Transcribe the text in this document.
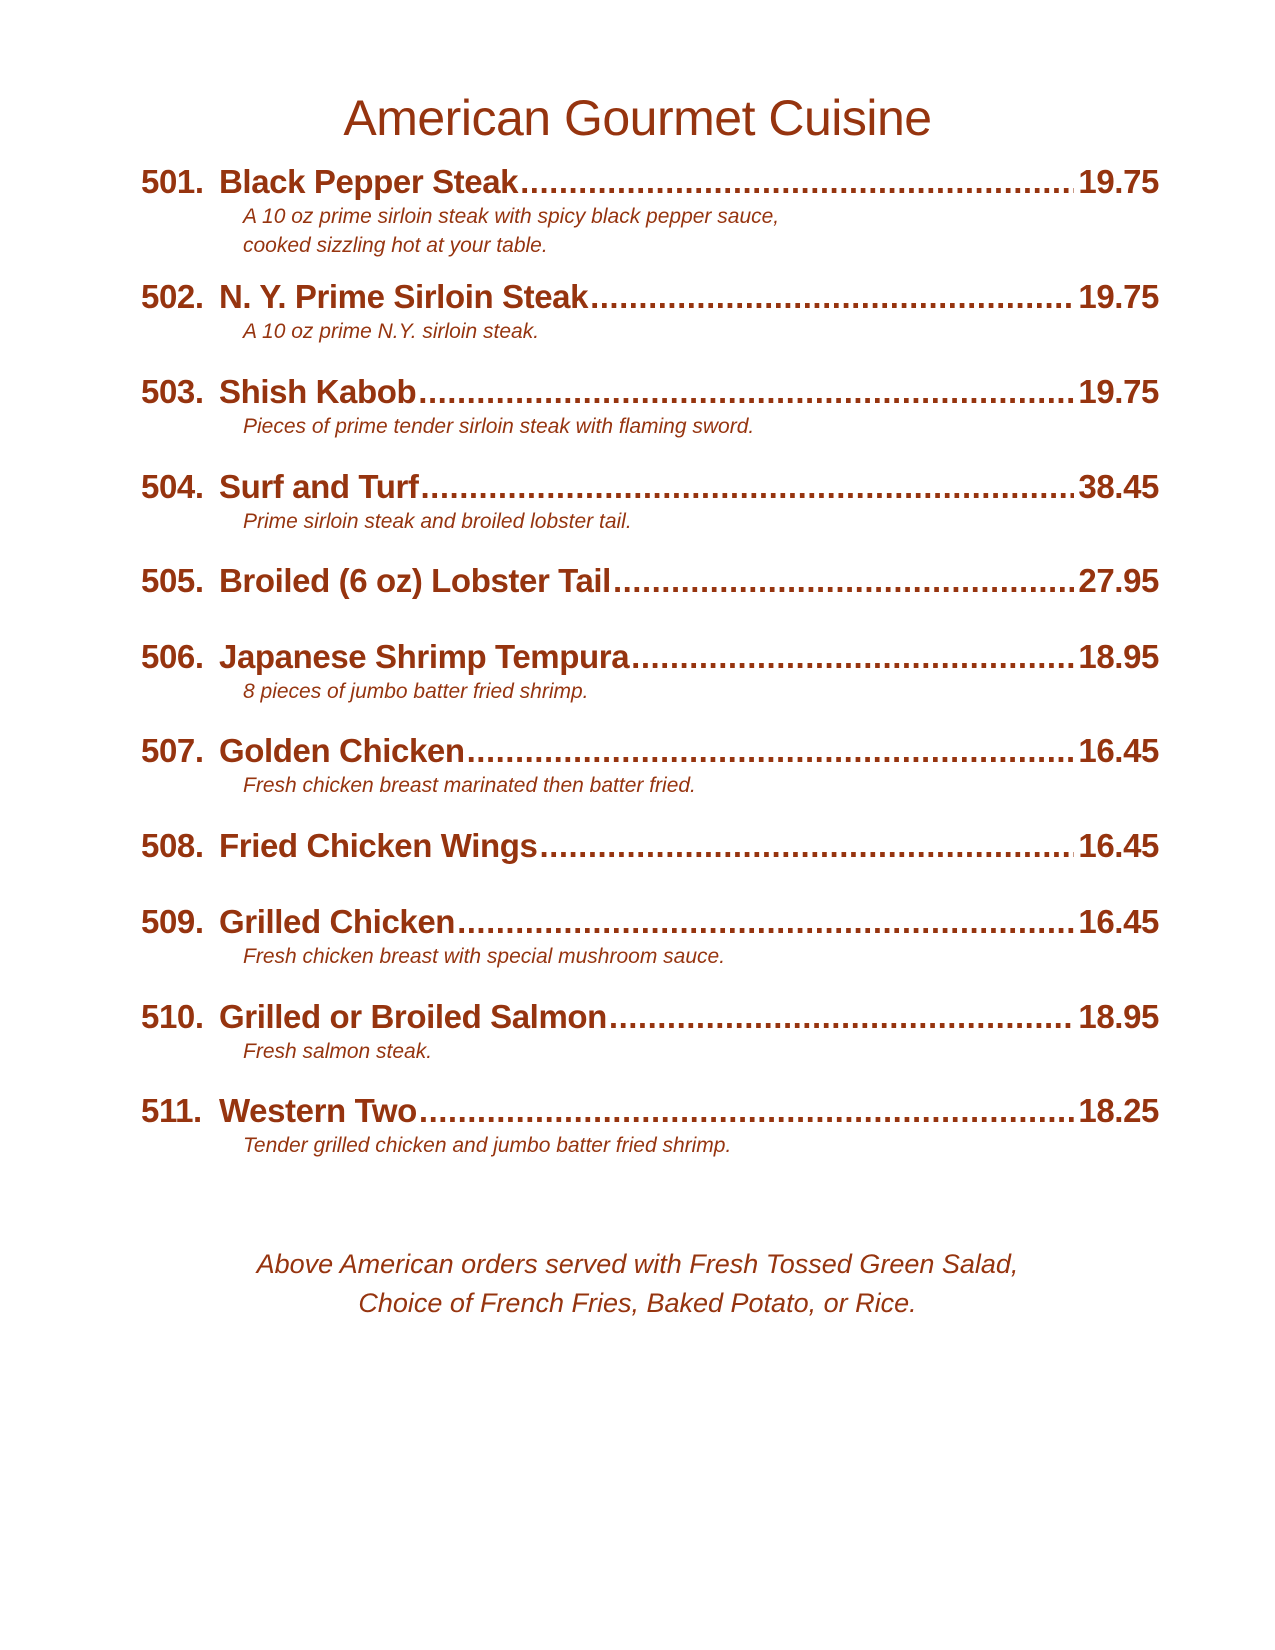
American Gourmet Cuisine
501. Black Pepper Steak .....	19.75
A 10 oz prime sirloin steak with spicy black pepper sauce,
cooked sizzling hot at your table.
502. N. Y. Prime Sirloin Steak .....	19.75
A 10 oz prime N.Y. sirloin steak.
503. Shish Kabob .....	19.75
Pieces of prime tender sirloin steak with flaming sword.
504. Surf and Turf .....	38.45
Prime sirloin steak and broiled lobster tail.
505. Broiled (6 oz) Lobster Tail .....	27.95
506. Japanese Shrimp Tempura .....	18.95
8 pieces of jumbo batter fried shrimp.
507. Golden Chicken .....	16.45
Fresh chicken breast marinated then batter fried.
508. Fried Chicken Wings .....	16.45
509. Grilled Chicken .....	16.45
Fresh chicken breast with special mushroom sauce.
510. Grilled or Broiled Salmon .....	18.95
Fresh salmon steak.
511. Western Two .....	18.25
Tender grilled chicken and jumbo batter fried shrimp.
Above American orders served with Fresh Tossed Green Salad,
Choice of French Fries, Baked Potato, or Rice.
